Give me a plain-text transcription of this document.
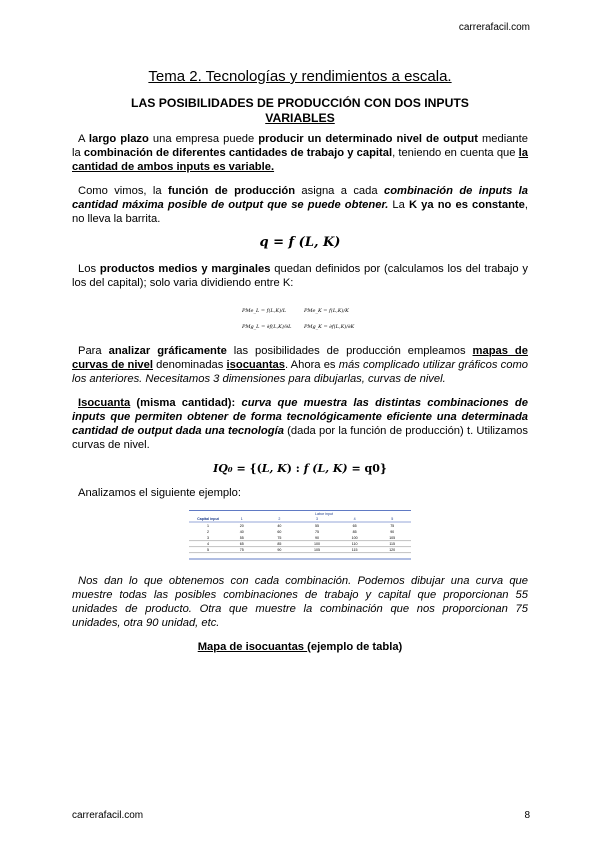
carrerafacil.com
Tema 2. Tecnologías y rendimientos a escala.
LAS POSIBILIDADES DE PRODUCCIÓN CON DOS INPUTS
VARIABLES

A largo plazo una empresa puede producir un determinado nivel de output mediante la combinación de diferentes cantidades de trabajo y capital, teniendo en cuenta que la cantidad de ambos inputs es variable.

Como vimos, la función de producción asigna a cada combinación de inputs la cantidad máxima posible de output que se puede obtener. La K ya no es constante, no lleva la barrita.

q = f (L, K)

Los productos medios y marginales quedan definidos por (calculamos los del trabajo y los del capital); solo varia dividiendo entre K:

PMe_L = f(L,K)/L	PMe_K = f(L,K)/K
PMg_L = ∂f(L,K)/∂L	PMg_K = ∂f(L,K)/∂K

Para analizar gráficamente las posibilidades de producción empleamos mapas de curvas de nivel denominadas isocuantas. Ahora es más complicado utilizar gráficos como los anteriores. Necesitamos 3 dimensiones para dibujarlas, curvas de nivel.

Isocuanta (misma cantidad): curva que muestra las distintas combinaciones de inputs que permiten obtener de forma tecnológicamente eficiente una determinada cantidad de output dada una tecnología (dada por la función de producción) t. Utilizamos curvas de nivel.

IQ₀ = {(L, K) : f (L, K) = q0}

Analizamos el siguiente ejemplo:

Labor input
Capital input	1	2	3	4	5
1	20	40	55	65	75
2	40	60	75	85	90
3	55	75	90	100	105
4	65	85	100	110	115
5	75	90	105	115	120

Nos dan lo que obtenemos con cada combinación. Podemos dibujar una curva que muestre todas las posibles combinaciones de trabajo y capital que proporcionan 55 unidades de producto. Otra que muestre la combinación que nos proporcionan 75 unidades, otra 90 unidad, etc.

Mapa de isocuantas (ejemplo de tabla)
carrerafacil.com	8
